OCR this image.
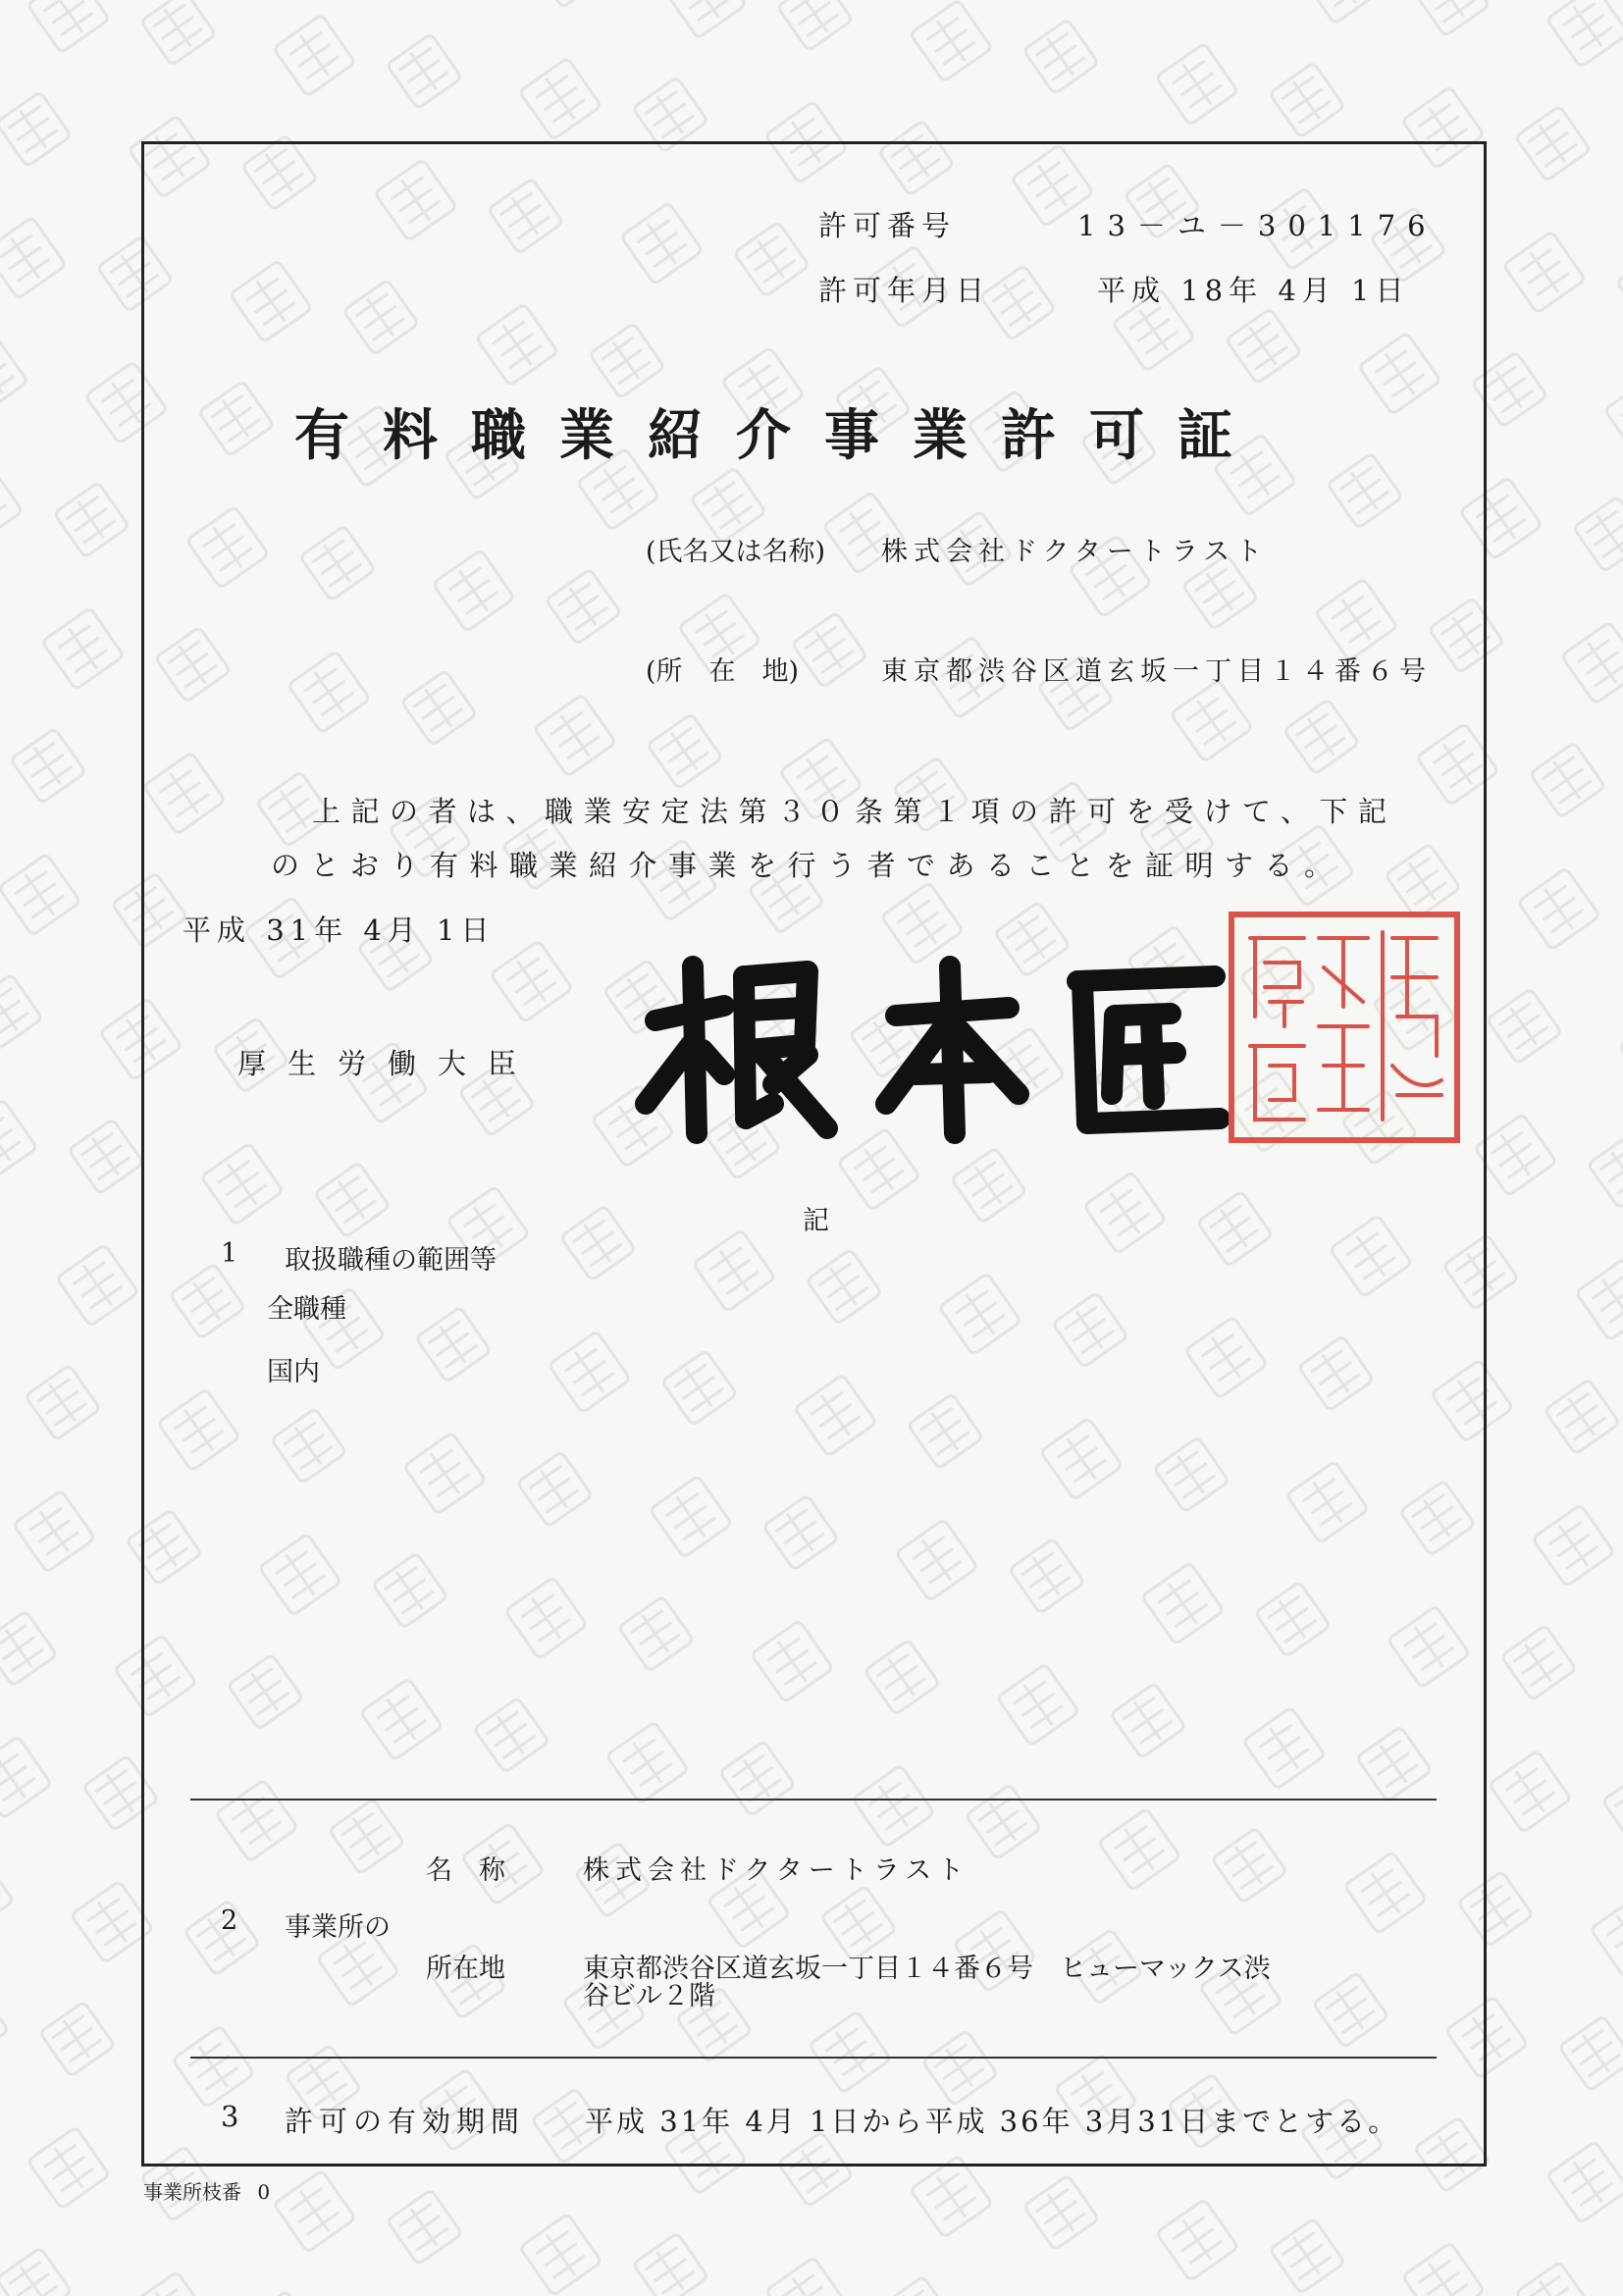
許可番号	13－ユ－301176
許可年月日	平成 18年 4月 1日
有料職業紹介事業許可証
(氏名又は名称) 株式会社ドクタートラスト
(所　在　地)	東京都渋谷区道玄坂一丁目１４番６号
上記の者は、職業安定法第３０条第１項の許可を受けて、下記
のとおり有料職業紹介事業を行う者であることを証明する。
平成 31年 4月 1日
厚生労働大臣
記
1 取扱職種の範囲等
全職種
国内
名　称	株式会社ドクタートラスト
2 事業所の
所在地	東京都渋谷区道玄坂一丁目１４番６号　ヒューマックス渋
谷ビル２階
3 許可の有効期間 平成 31年 4月 1日から平成 36年 3月31日までとする。
事業所枝番 0
